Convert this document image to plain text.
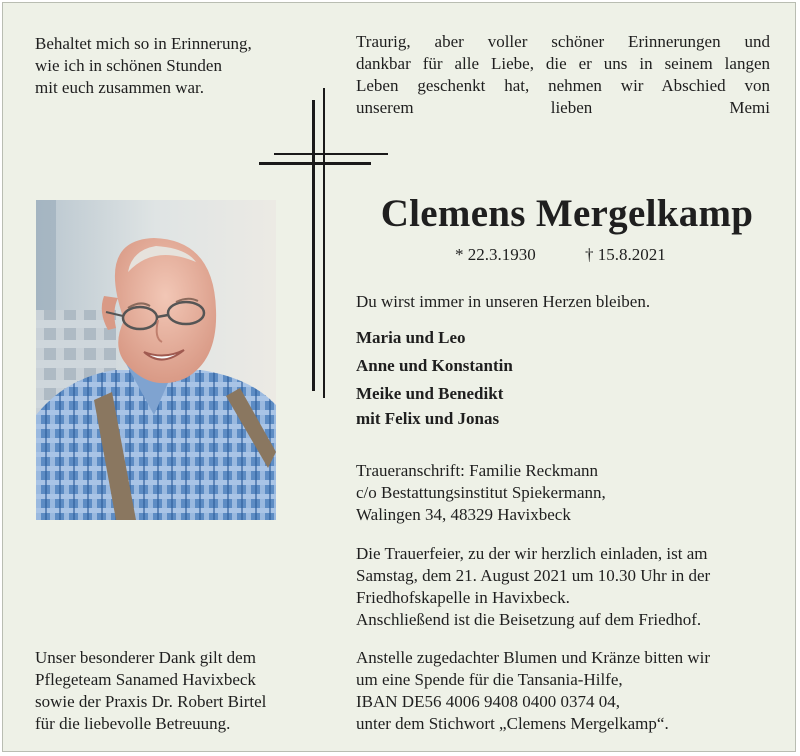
Behaltet mich so in Erinnerung,
wie ich in schönen Stunden
mit euch zusammen war.

Traurig, aber voller schöner Erinnerungen und
dankbar für alle Liebe, die er uns in seinem langen
Leben geschenkt hat, nehmen wir Abschied von
unserem lieben Memi

Clemens Mergelkamp
* 22.3.1930	† 15.8.2021

Du wirst immer in unseren Herzen bleiben.

Maria und Leo
Anne und Konstantin
Meike und Benedikt
mit Felix und Jonas

Traueranschrift: Familie Reckmann
c/o Bestattungsinstitut Spiekermann,
Walingen 34, 48329 Havixbeck

Die Trauerfeier, zu der wir herzlich einladen, ist am
Samstag, dem 21. August 2021 um 10.30 Uhr in der
Friedhofskapelle in Havixbeck.
Anschließend ist die Beisetzung auf dem Friedhof.

Anstelle zugedachter Blumen und Kränze bitten wir
um eine Spende für die Tansania-Hilfe,
IBAN DE56 4006 9408 0400 0374 04,
unter dem Stichwort „Clemens Mergelkamp“.

Unser besonderer Dank gilt dem
Pflegeteam Sanamed Havixbeck
sowie der Praxis Dr. Robert Birtel
für die liebevolle Betreuung.
